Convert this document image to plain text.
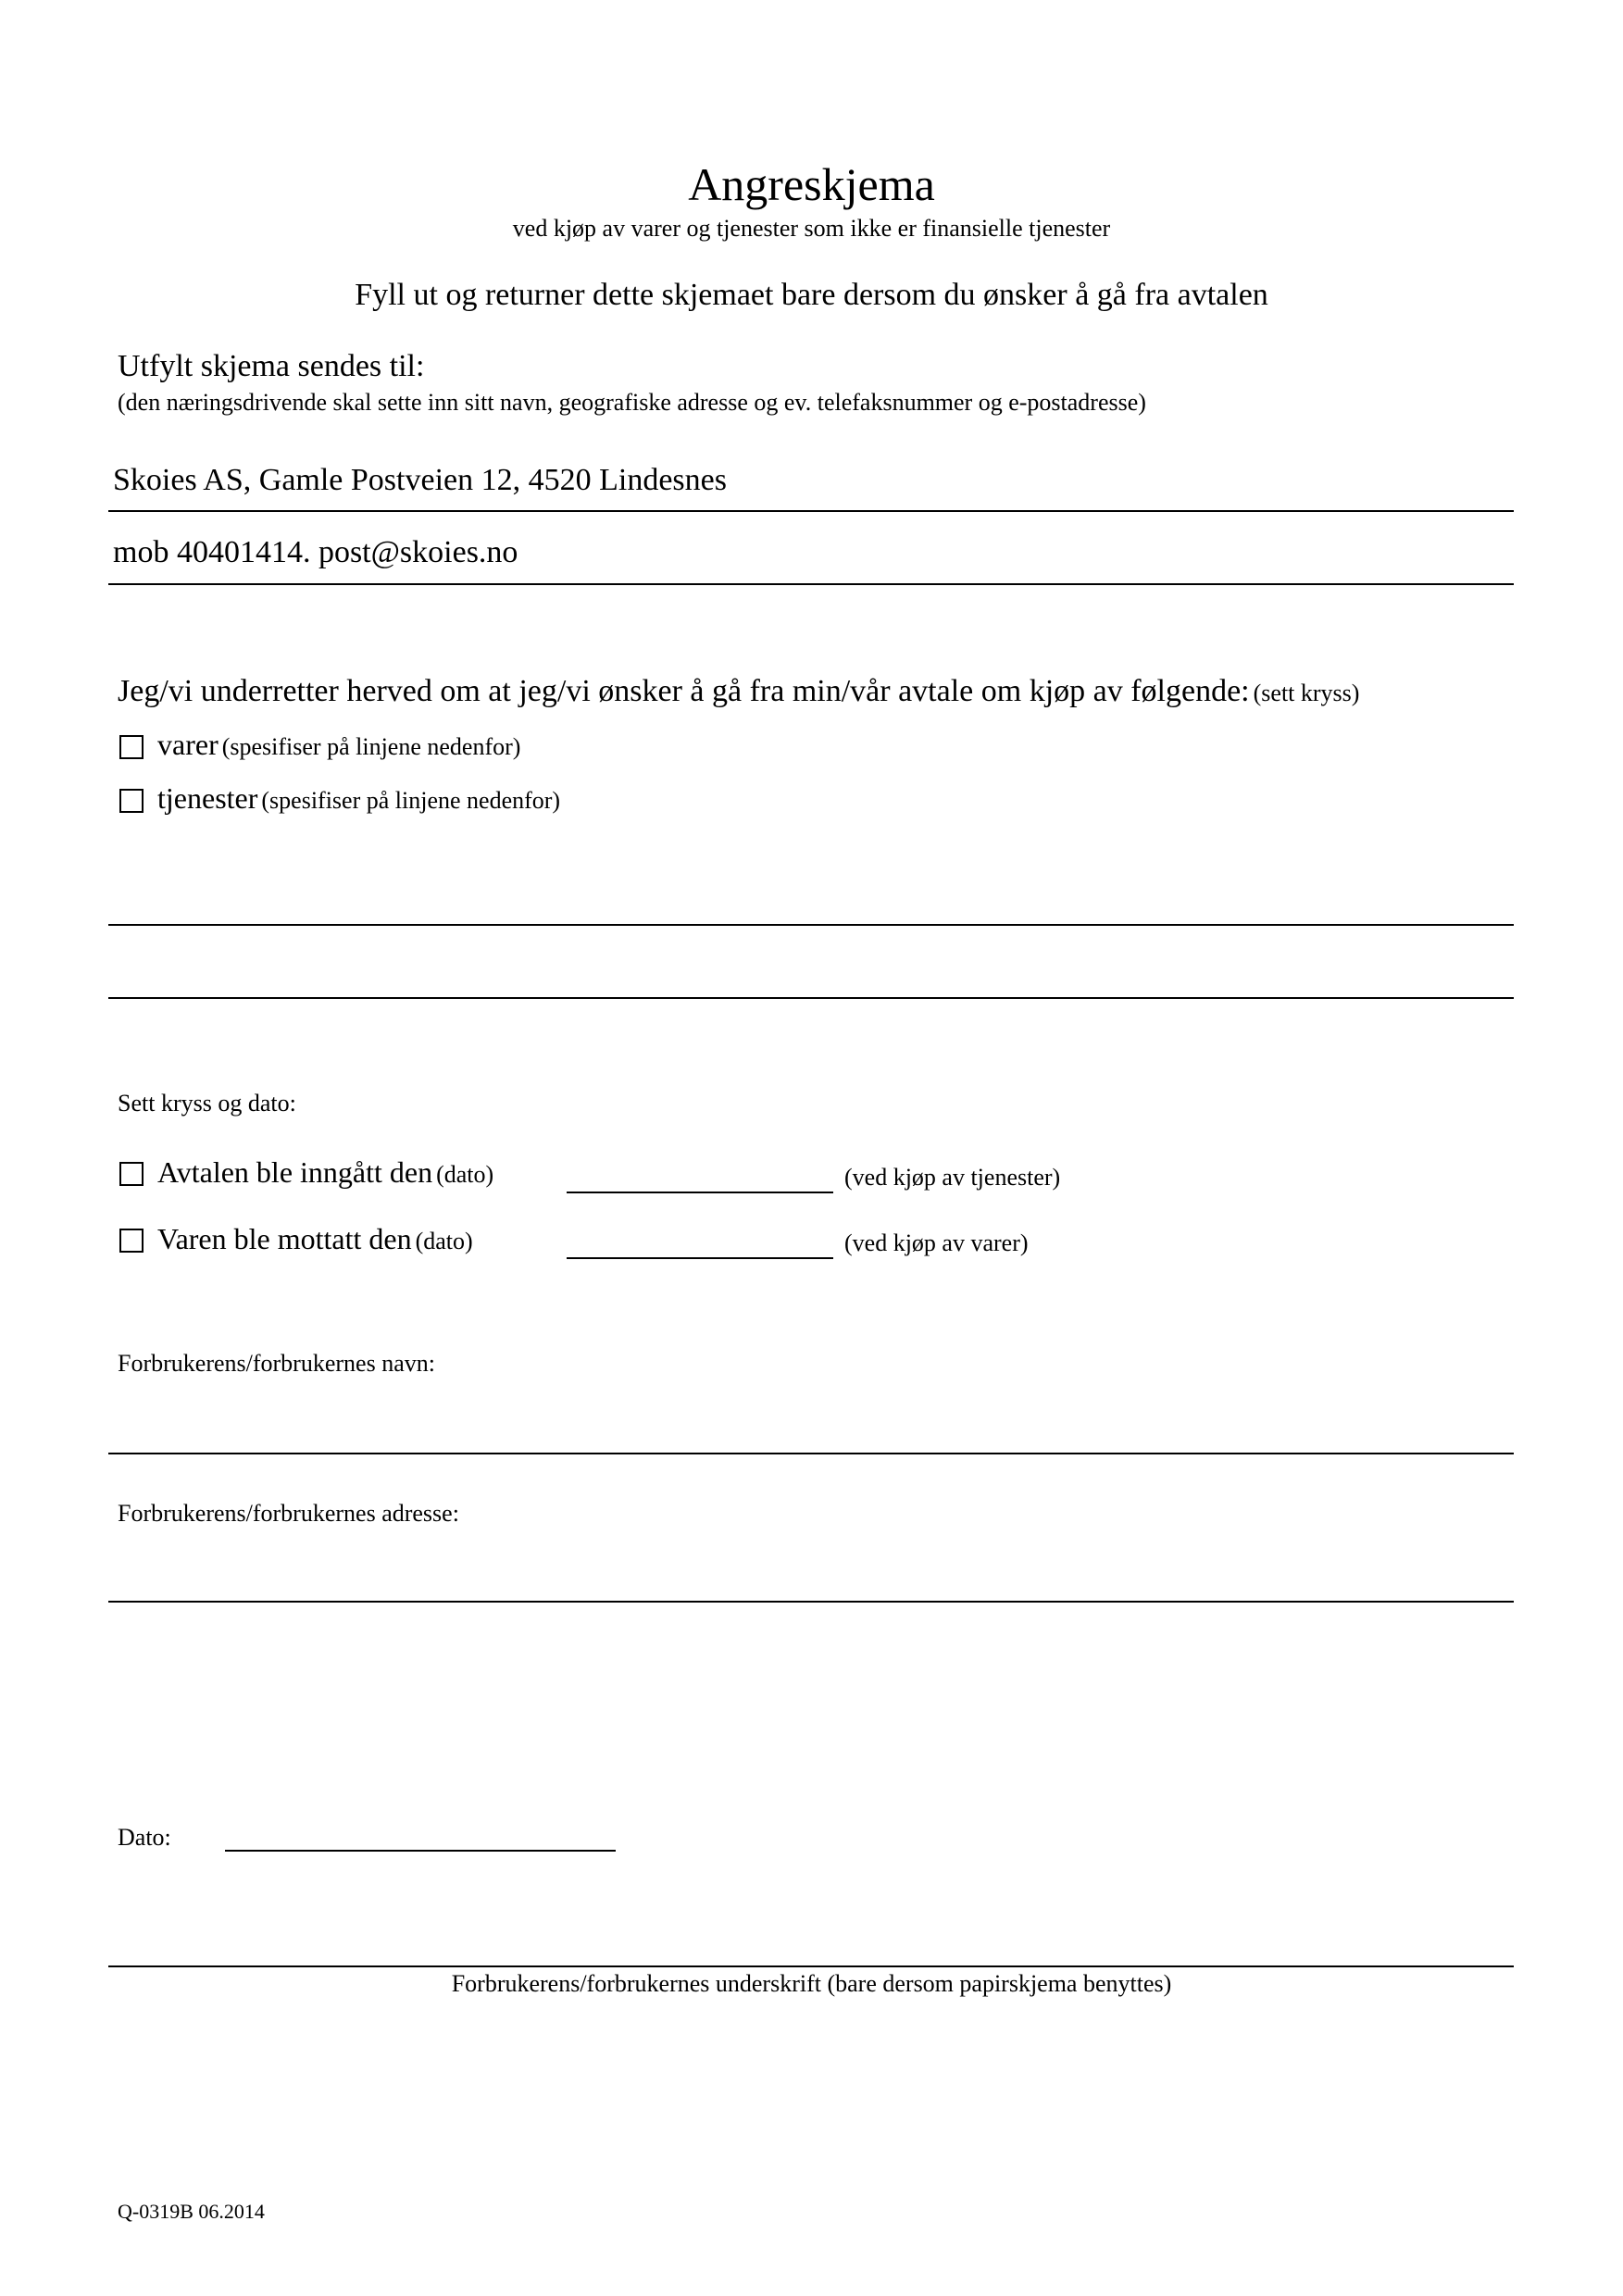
Angreskjema
ved kjøp av varer og tjenester som ikke er finansielle tjenester
Fyll ut og returner dette skjemaet bare dersom du ønsker å gå fra avtalen
Utfylt skjema sendes til:
(den næringsdrivende skal sette inn sitt navn, geografiske adresse og ev. telefaksnummer og e-postadresse)
Skoies AS, Gamle Postveien 12, 4520 Lindesnes
mob 40401414. post@skoies.no
Jeg/vi underretter herved om at jeg/vi ønsker å gå fra min/vår avtale om kjøp av følgende: (sett kryss)
varer (spesifiser på linjene nedenfor)
tjenester (spesifiser på linjene nedenfor)
Sett kryss og dato:
Avtalen ble inngått den (dato)	(ved kjøp av tjenester)
Varen ble mottatt den (dato)	(ved kjøp av varer)
Forbrukerens/forbrukernes navn:
Forbrukerens/forbrukernes adresse:
Dato:
Forbrukerens/forbrukernes underskrift (bare dersom papirskjema benyttes)
Q-0319B 06.2014
